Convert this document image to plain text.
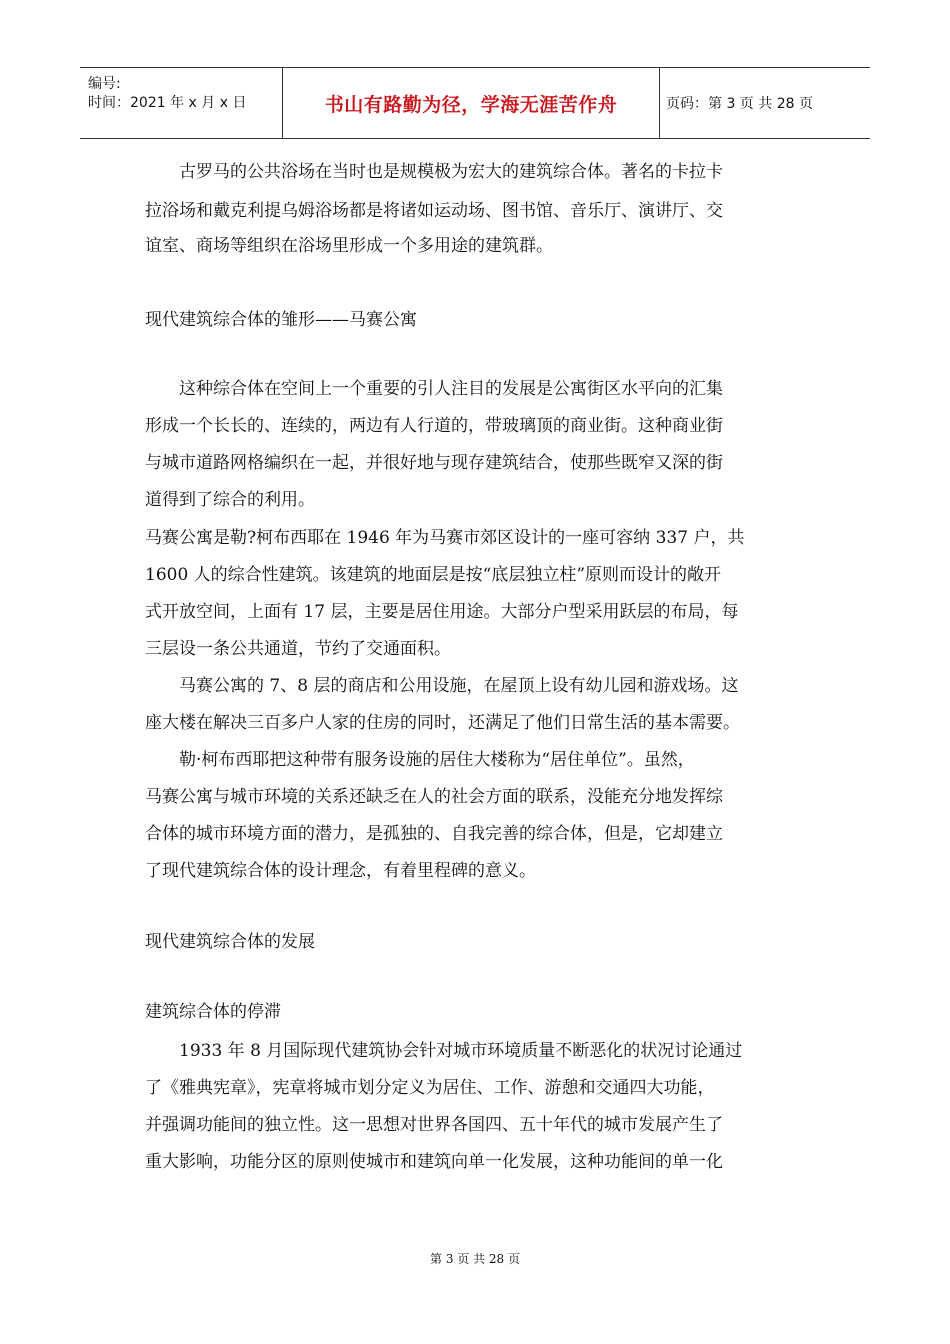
编号:
时间：2021 年 x 月 x 日	书山有路勤为径，学海无涯苦作舟	页码：第 3 页 共 28 页
　　古罗马的公共浴场在当时也是规模极为宏大的建筑综合体。著名的卡拉卡
拉浴场和戴克利提乌姆浴场都是将诸如运动场、图书馆、音乐厅、演讲厅、交
谊室、商场等组织在浴场里形成一个多用途的建筑群。
现代建筑综合体的雏形——马赛公寓
　　这种综合体在空间上一个重要的引人注目的发展是公寓街区水平向的汇集
形成一个长长的、连续的，两边有人行道的，带玻璃顶的商业街。这种商业街
与城市道路网格编织在一起，并很好地与现存建筑结合，使那些既窄又深的街
道得到了综合的利用。
马赛公寓是勒?柯布西耶在 1946 年为马赛市郊区设计的一座可容纳 337 户，共
1600 人的综合性建筑。该建筑的地面层是按“底层独立柱”原则而设计的敞开
式开放空间，上面有 17 层，主要是居住用途。大部分户型采用跃层的布局，每
三层设一条公共通道，节约了交通面积。
　　马赛公寓的 7、8 层的商店和公用设施，在屋顶上设有幼儿园和游戏场。这
座大楼在解决三百多户人家的住房的同时，还满足了他们日常生活的基本需要。
　　勒·柯布西耶把这种带有服务设施的居住大楼称为“居住单位”。虽然，
马赛公寓与城市环境的关系还缺乏在人的社会方面的联系，没能充分地发挥综
合体的城市环境方面的潜力，是孤独的、自我完善的综合体，但是，它却建立
了现代建筑综合体的设计理念，有着里程碑的意义。
现代建筑综合体的发展
建筑综合体的停滞
　　1933 年 8 月国际现代建筑协会针对城市环境质量不断恶化的状况讨论通过
了《雅典宪章》，宪章将城市划分定义为居住、工作、游憩和交通四大功能，
并强调功能间的独立性。这一思想对世界各国四、五十年代的城市发展产生了
重大影响，功能分区的原则使城市和建筑向单一化发展，这种功能间的单一化
第 3 页 共 28 页
